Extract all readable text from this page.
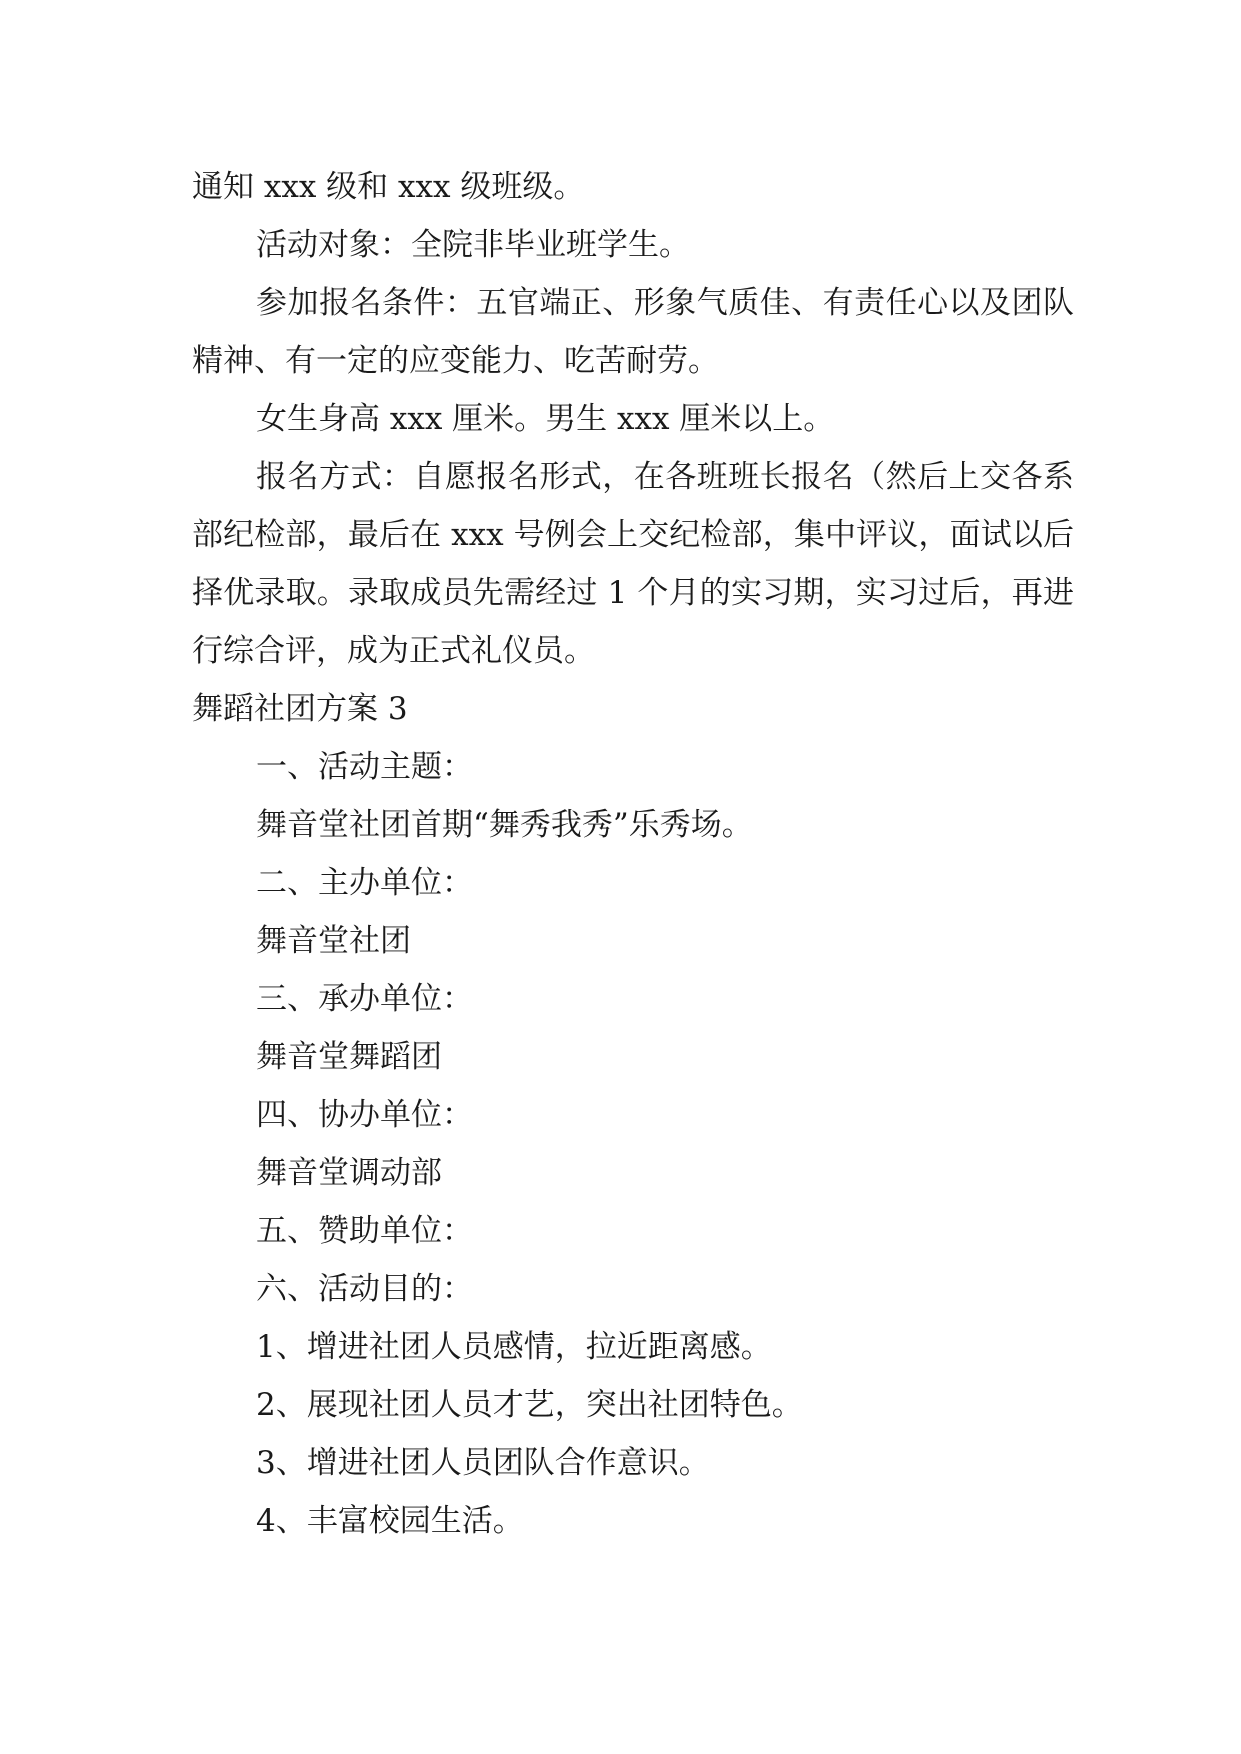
通知 xxx 级和 xxx 级班级。

活动对象：全院非毕业班学生。

参加报名条件：五官端正、形象气质佳、有责任心以及团队精神、有一定的应变能力、吃苦耐劳。

女生身高 xxx 厘米。男生 xxx 厘米以上。

报名方式：自愿报名形式，在各班班长报名（然后上交各系部纪检部，最后在 xxx 号例会上交纪检部，集中评议，面试以后择优录取。录取成员先需经过 1 个月的实习期，实习过后，再进行综合评，成为正式礼仪员。

舞蹈社团方案 3

一、活动主题：

舞音堂社团首期“舞秀我秀”乐秀场。

二、主办单位：

舞音堂社团

三、承办单位：

舞音堂舞蹈团

四、协办单位：

舞音堂调动部

五、赞助单位：

六、活动目的：

1、增进社团人员感情，拉近距离感。

2、展现社团人员才艺，突出社团特色。

3、增进社团人员团队合作意识。

4、丰富校园生活。
